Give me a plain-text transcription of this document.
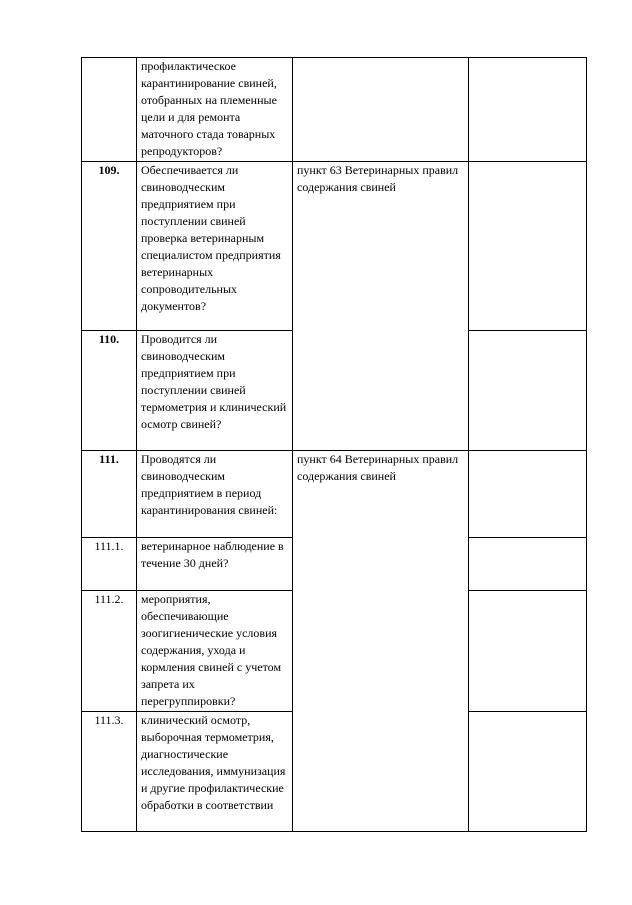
	профилактическое карантинирование свиней, отобранных на племенные цели и для ремонта маточного стада товарных репродукторов?		

109.	Обеспечивается ли свиноводческим предприятием при поступлении свиней проверка ветеринарным специалистом предприятия ветеринарных сопроводительных документов?	пункт 63 Ветеринарных правил содержания свиней	

110.	Проводится ли свиноводческим предприятием при поступлении свиней термометрия и клинический осмотр свиней?		

111.	Проводятся ли свиноводческим предприятием в период карантинирования свиней:	пункт 64 Ветеринарных правил содержания свиней	

111.1.	ветеринарное наблюдение в течение 30 дней?		

111.2.	мероприятия, обеспечивающие зоогигиенические условия содержания, ухода и кормления свиней с учетом запрета их перегруппировки?		

111.3.	клинический осмотр, выборочная термометрия, диагностические исследования, иммунизация и другие профилактические обработки в соответствии		
